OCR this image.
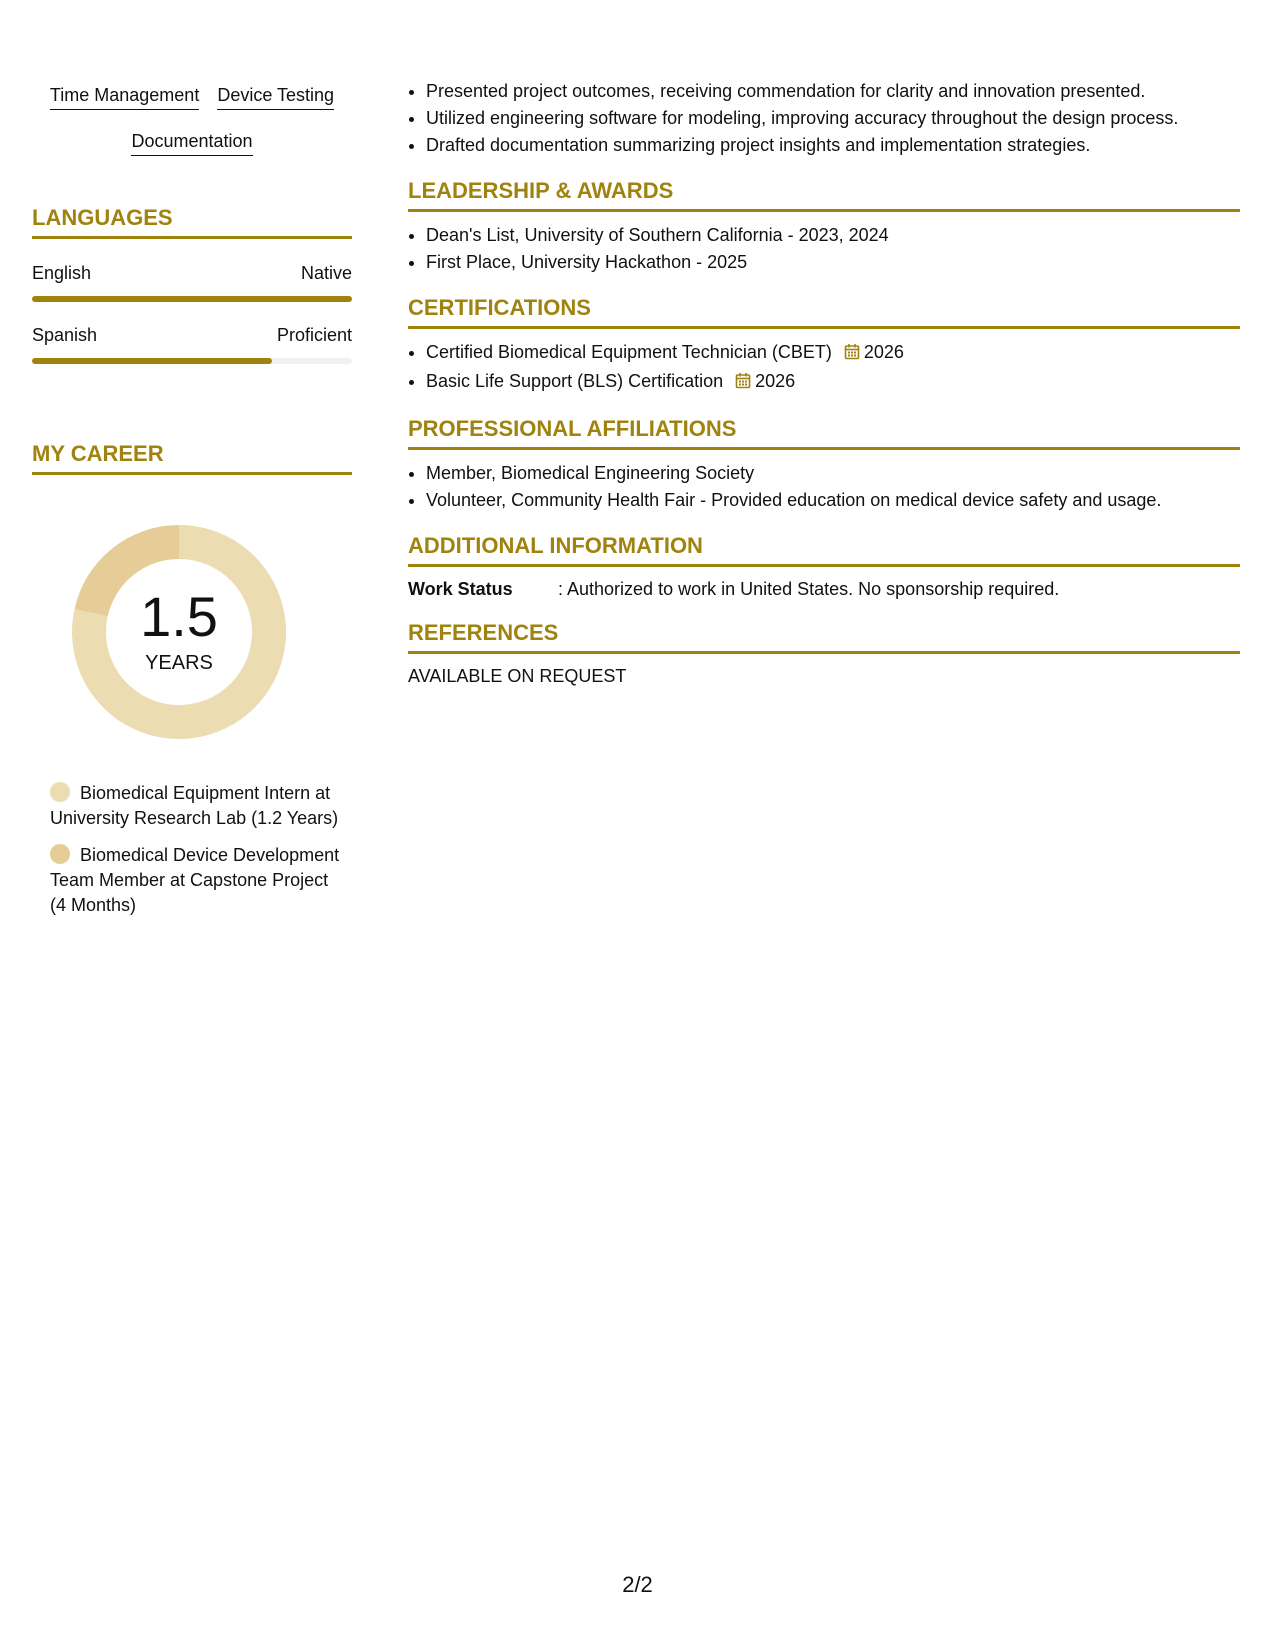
Time Management Device Testing
Documentation
LANGUAGES
English	Native
Spanish	Proficient
MY CAREER
1.5
YEARS
Biomedical Equipment Intern at University Research Lab (1.2 Years)
Biomedical Device Development Team Member at Capstone Project (4 Months)
• Presented project outcomes, receiving commendation for clarity and innovation presented.
• Utilized engineering software for modeling, improving accuracy throughout the design process.
• Drafted documentation summarizing project insights and implementation strategies.
LEADERSHIP & AWARDS
• Dean's List, University of Southern California - 2023, 2024
• First Place, University Hackathon - 2025
CERTIFICATIONS
• Certified Biomedical Equipment Technician (CBET) 2026
• Basic Life Support (BLS) Certification 2026
PROFESSIONAL AFFILIATIONS
• Member, Biomedical Engineering Society
• Volunteer, Community Health Fair - Provided education on medical device safety and usage.
ADDITIONAL INFORMATION
Work Status	: Authorized to work in United States. No sponsorship required.
REFERENCES
AVAILABLE ON REQUEST
2/2
